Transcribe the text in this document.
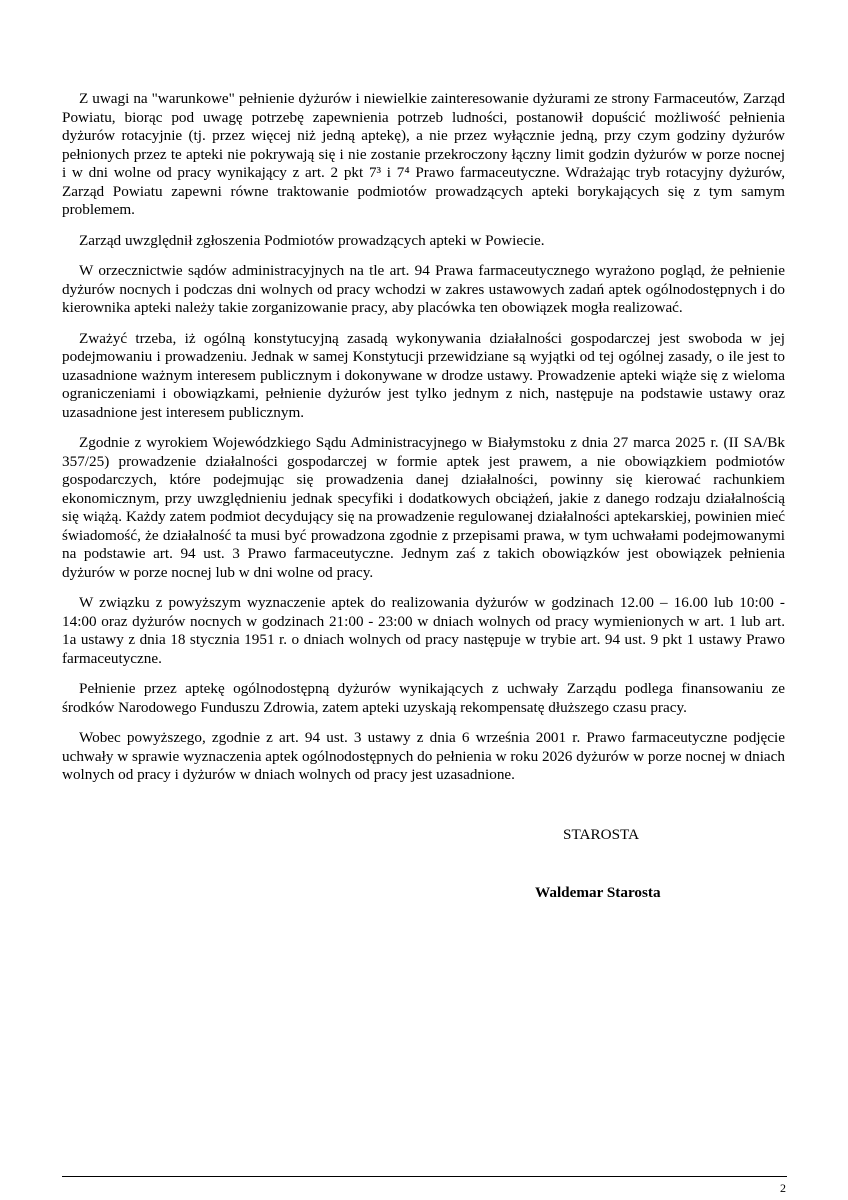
Z uwagi na "warunkowe" pełnienie dyżurów i niewielkie zainteresowanie dyżurami ze strony Farmaceutów, Zarząd Powiatu, biorąc pod uwagę potrzebę zapewnienia potrzeb ludności, postanowił dopuścić możliwość pełnienia dyżurów rotacyjnie (tj. przez więcej niż jedną aptekę), a nie przez wyłącznie jedną, przy czym godziny dyżurów pełnionych przez te apteki nie pokrywają się i nie zostanie przekroczony łączny limit godzin dyżurów w porze nocnej i w dni wolne od pracy wynikający z art. 2 pkt 7³ i 7⁴ Prawo farmaceutyczne. Wdrażając tryb rotacyjny dyżurów, Zarząd Powiatu zapewni równe traktowanie podmiotów prowadzących apteki borykających się z tym samym problemem.

Zarząd uwzględnił zgłoszenia Podmiotów prowadzących apteki w Powiecie.

W orzecznictwie sądów administracyjnych na tle art. 94 Prawa farmaceutycznego wyrażono pogląd, że pełnienie dyżurów nocnych i podczas dni wolnych od pracy wchodzi w zakres ustawowych zadań aptek ogólnodostępnych i do kierownika apteki należy takie zorganizowanie pracy, aby placówka ten obowiązek mogła realizować.

Zważyć trzeba, iż ogólną konstytucyjną zasadą wykonywania działalności gospodarczej jest swoboda w jej podejmowaniu i prowadzeniu. Jednak w samej Konstytucji przewidziane są wyjątki od tej ogólnej zasady, o ile jest to uzasadnione ważnym interesem publicznym i dokonywane w drodze ustawy. Prowadzenie apteki wiąże się z wieloma ograniczeniami i obowiązkami, pełnienie dyżurów jest tylko jednym z nich, następuje na podstawie ustawy oraz uzasadnione jest interesem publicznym.

Zgodnie z wyrokiem Wojewódzkiego Sądu Administracyjnego w Białymstoku z dnia 27 marca 2025 r. (II SA/Bk 357/25) prowadzenie działalności gospodarczej w formie aptek jest prawem, a nie obowiązkiem podmiotów gospodarczych, które podejmując się prowadzenia danej działalności, powinny się kierować rachunkiem ekonomicznym, przy uwzględnieniu jednak specyfiki i dodatkowych obciążeń, jakie z danego rodzaju działalnością się wiążą. Każdy zatem podmiot decydujący się na prowadzenie regulowanej działalności aptekarskiej, powinien mieć świadomość, że działalność ta musi być prowadzona zgodnie z przepisami prawa, w tym uchwałami podejmowanymi na podstawie art. 94 ust. 3 Prawo farmaceutyczne. Jednym zaś z takich obowiązków jest obowiązek pełnienia dyżurów w porze nocnej lub w dni wolne od pracy.

W związku z powyższym wyznaczenie aptek do realizowania dyżurów w godzinach 12.00 – 16.00 lub 10:00 - 14:00 oraz dyżurów nocnych w godzinach 21:00 - 23:00 w dniach wolnych od pracy wymienionych w art. 1 lub art. 1a ustawy z dnia 18 stycznia 1951 r. o dniach wolnych od pracy następuje w trybie art. 94 ust. 9 pkt 1 ustawy Prawo farmaceutyczne.

Pełnienie przez aptekę ogólnodostępną dyżurów wynikających z uchwały Zarządu podlega finansowaniu ze środków Narodowego Funduszu Zdrowia, zatem apteki uzyskają rekompensatę dłuższego czasu pracy.

Wobec powyższego, zgodnie z art. 94 ust. 3 ustawy z dnia 6 września 2001 r. Prawo farmaceutyczne podjęcie uchwały w sprawie wyznaczenia aptek ogólnodostępnych do pełnienia w roku 2026 dyżurów w porze nocnej w dniach wolnych od pracy i dyżurów w dniach wolnych od pracy jest uzasadnione.

STAROSTA
Waldemar Starosta
2
